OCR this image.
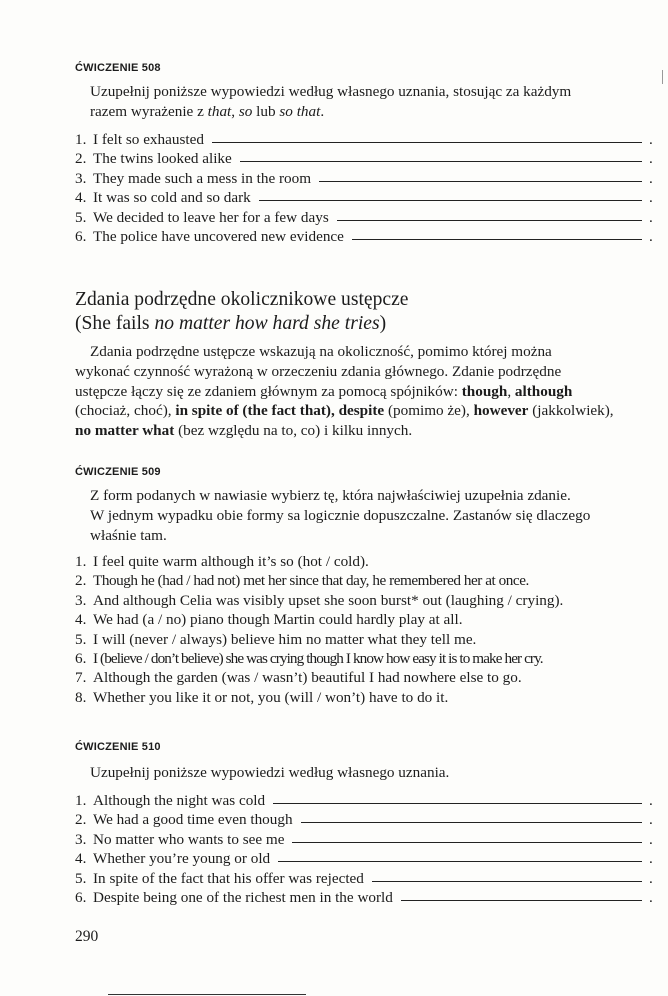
ĆWICZENIE 508
Uzupełnij poniższe wypowiedzi według własnego uznania, stosując za każdym
razem wyrażenie z that, so lub so that.
1. I felt so exhausted	.
2. The twins looked alike	.
3. They made such a mess in the room	.
4. It was so cold and so dark	.
5. We decided to leave her for a few days	.
6. The police have uncovered new evidence	.
Zdania podrzędne okolicznikowe ustępcze
(She fails no matter how hard she tries)
Zdania podrzędne ustępcze wskazują na okoliczność, pomimo której można
wykonać czynność wyrażoną w orzeczeniu zdania głównego. Zdanie podrzędne
ustępcze łączy się ze zdaniem głównym za pomocą spójników: though, although
(chociaż, choć), in spite of (the fact that), despite (pomimo że), however (jakkolwiek),
no matter what (bez względu na to, co) i kilku innych.
ĆWICZENIE 509
Z form podanych w nawiasie wybierz tę, która najwłaściwiej uzupełnia zdanie.
W jednym wypadku obie formy sa logicznie dopuszczalne. Zastanów się dlaczego
właśnie tam.
1. I feel quite warm although it’s so (hot / cold).
2. Though he (had / had not) met her since that day, he remembered her at once.
3. And although Celia was visibly upset she soon burst* out (laughing / crying).
4. We had (a / no) piano though Martin could hardly play at all.
5. I will (never / always) believe him no matter what they tell me.
6. I (believe / don’t believe) she was crying though I know how easy it is to make her cry.
7. Although the garden (was / wasn’t) beautiful I had nowhere else to go.
8. Whether you like it or not, you (will / won’t) have to do it.
ĆWICZENIE 510
Uzupełnij poniższe wypowiedzi według własnego uznania.
1. Although the night was cold	.
2. We had a good time even though	.
3. No matter who wants to see me	.
4. Whether you’re young or old	.
5. In spite of the fact that his offer was rejected	.
6. Despite being one of the richest men in the world	.
290
